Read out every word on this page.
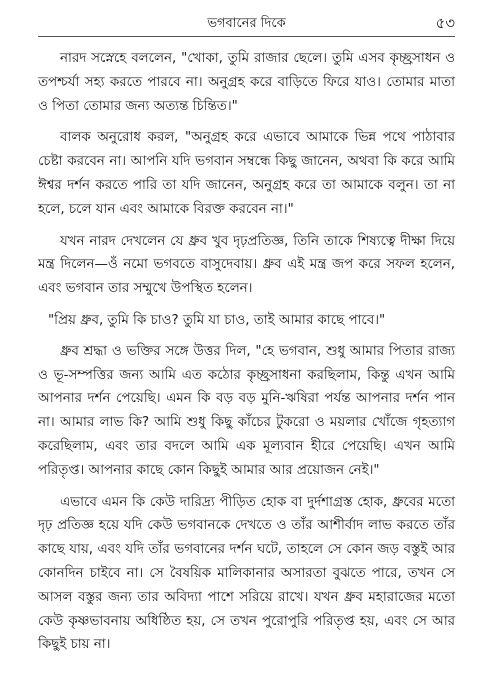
ভগবানের দিকে	৫৩

নারদ সস্নেহে বললেন, "খোকা, তুমি রাজার ছেলে। তুমি এসব কৃচ্ছ্রসাধন ও তপশ্চর্যা সহ্য করতে পারবে না। অনুগ্রহ করে বাড়িতে ফিরে যাও। তোমার মাতা ও পিতা তোমার জন্য অত্যন্ত চিন্তিত।"

বালক অনুরোধ করল, "অনুগ্রহ করে এভাবে আমাকে ভিন্ন পথে পাঠাবার চেষ্টা করবেন না। আপনি যদি ভগবান সম্বন্ধে কিছু জানেন, অথবা কি করে আমি ঈশ্বর দর্শন করতে পারি তা যদি জানেন, অনুগ্রহ করে তা আমাকে বলুন। তা না হলে, চলে যান এবং আমাকে বিরক্ত করবেন না।"

যখন নারদ দেখলেন যে ধ্রুব খুব দৃঢ়প্রতিজ্ঞ, তিনি তাকে শিষ্যত্বে দীক্ষা দিয়ে মন্ত্র দিলেন—ওঁ নমো ভগবতে বাসুদেবায়। ধ্রুব এই মন্ত্র জপ করে সফল হলেন, এবং ভগবান তার সম্মুখে উপস্থিত হলেন।

"প্রিয় ধ্রুব, তুমি কি চাও? তুমি যা চাও, তাই আমার কাছে পাবে।"

ধ্রুব শ্রদ্ধা ও ভক্তির সঙ্গে উত্তর দিল, "হে ভগবান, শুধু আমার পিতার রাজ্য ও ভূ-সম্পত্তির জন্য আমি এত কঠোর কৃচ্ছ্রসাধনা করছিলাম, কিন্তু এখন আমি আপনার দর্শন পেয়েছি। এমন কি বড় বড় মুনি-ঋষিরা পর্যন্ত আপনার দর্শন পান না। আমার লাভ কি? আমি শুধু কিছু কাঁচের টুকরো ও ময়লার খোঁজে গৃহত্যাগ করেছিলাম, এবং তার বদলে আমি এক মূল্যবান হীরে পেয়েছি। এখন আমি পরিতৃপ্ত। আপনার কাছে কোন কিছুই আমার আর প্রয়োজন নেই।"

এভাবে এমন কি কেউ দারিদ্র্য পীড়িত হোক বা দুর্দশাগ্রস্ত হোক, ধ্রুবের মতো দৃঢ় প্রতিজ্ঞ হয়ে যদি কেউ ভগবানকে দেখতে ও তাঁর আশীর্বাদ লাভ করতে তাঁর কাছে যায়, এবং যদি তাঁর ভগবানের দর্শন ঘটে, তাহলে সে কোন জড় বস্তুই আর কোনদিন চাইবে না। সে বৈষয়িক মালিকানার অসারতা বুঝতে পারে, তখন সে আসল বস্তুর জন্য তার অবিদ্যা পাশে সরিয়ে রাখে। যখন ধ্রুব মহারাজের মতো কেউ কৃষ্ণভাবনায় অধিষ্ঠিত হয়, সে তখন পুরোপুরি পরিতৃপ্ত হয়, এবং সে আর কিছুই চায় না।
